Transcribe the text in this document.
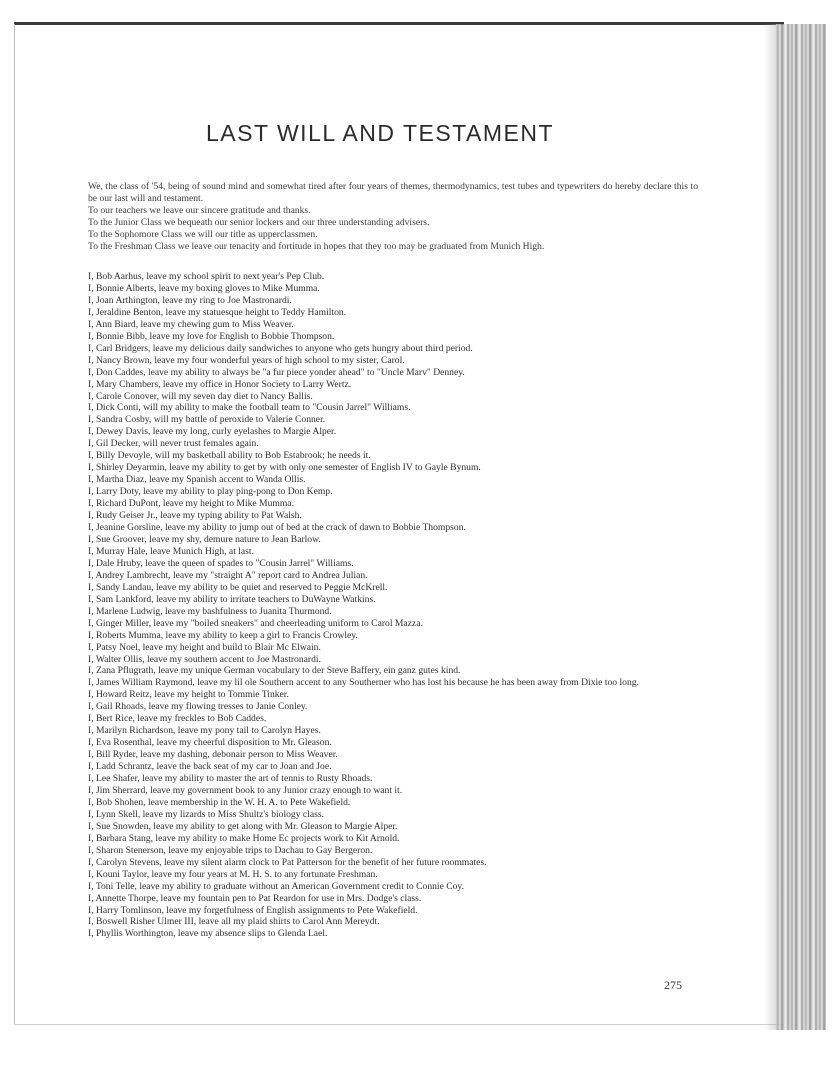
LAST WILL AND TESTAMENT

We, the class of '54, being of sound mind and somewhat tired after four years of themes, thermodynamics, test tubes and typewriters do hereby declare this to be our last will and testament.

To our teachers we leave our sincere gratitude and thanks.

To the Junior Class we bequeath our senior lockers and our three understanding advisers.

To the Sophomore Class we will our title as upperclassmen.

To the Freshman Class we leave our tenacity and fortitude in hopes that they too may be graduated from Munich High.

I, Bob Aarhus, leave my school spirit to next year's Pep Club.
I, Bonnie Alberts, leave my boxing gloves to Mike Mumma.
I, Joan Arthington, leave my ring to Joe Mastronardi.
I, Jeraldine Benton, leave my statuesque height to Teddy Hamilton.
I, Ann Biard, leave my chewing gum to Miss Weaver.
I, Bonnie Bibb, leave my love for English to Bobbie Thompson.
I, Carl Bridgers, leave my delicious daily sandwiches to anyone who gets hungry about third period.
I, Nancy Brown, leave my four wonderful years of high school to my sister, Carol.
I, Don Caddes, leave my ability to always be "a fur piece yonder ahead" to "Uncle Marv" Denney.
I, Mary Chambers, leave my office in Honor Society to Larry Wertz.
I, Carole Conover, will my seven day diet to Nancy Ballis.
I, Dick Conti, will my ability to make the football team to "Cousin Jarrel" Williams.
I, Sandra Cosby, will my battle of peroxide to Valerie Conner.
I, Dewey Davis, leave my long, curly eyelashes to Margie Alper.
I, Gil Decker, will never trust females again.
I, Billy Devoyle, will my basketball ability to Bob Estabrook; he needs it.
I, Shirley Deyarmin, leave my ability to get by with only one semester of English IV to Gayle Bynum.
I, Martha Diaz, leave my Spanish accent to Wanda Ollis.
I, Larry Doty, leave my ability to play ping-pong to Don Kemp.
I, Richard DuPont, leave my height to Mike Mumma.
I, Rudy Geiser Jr., leave my typing ability to Pat Walsh.
I, Jeanine Gorsline, leave my ability to jump out of bed at the crack of dawn to Bobbie Thompson.
I, Sue Groover, leave my shy, demure nature to Jean Barlow.
I, Murray Hale, leave Munich High, at last.
I, Dale Hruby, leave the queen of spades to "Cousin Jarrel" Williams.
I, Andrey Lambrecht, leave my "straight A" report card to Andrea Julian.
I, Sandy Landau, leave my ability to be quiet and reserved to Peggie McKrell.
I, Sam Lankford, leave my ability to irritate teachers to DuWayne Watkins.
I, Marlene Ludwig, leave my bashfulness to Juanita Thurmond.
I, Ginger Miller, leave my "boiled sneakers" and cheerleading uniform to Carol Mazza.
I, Roberts Mumma, leave my ability to keep a girl to Francis Crowley.
I, Patsy Noel, leave my height and build to Blair Mc Elwain.
I, Walter Ollis, leave my southern accent to Joe Mastronardi.
I, Zana Pflugrath, leave my unique German vocabulary to der Steve Baffery, ein ganz gutes kind.
I, James William Raymond, leave my lil ole Southern accent to any Southerner who has lost his because he has been away from Dixie too long.
I, Howard Reitz, leave my height to Tommie Tinker.
I, Gail Rhoads, leave my flowing tresses to Janie Conley.
I, Bert Rice, leave my freckles to Bob Caddes.
I, Marilyn Richardson, leave my pony tail to Carolyn Hayes.
I, Eva Rosenthal, leave my cheerful disposition to Mr. Gleason.
I, Bill Ryder, leave my dashing, debonair person to Miss Weaver.
I, Ladd Schrantz, leave the back seat of my car to Joan and Joe.
I, Lee Shafer, leave my ability to master the art of tennis to Rusty Rhoads.
I, Jim Sherrard, leave my government book to any Junior crazy enough to want it.
I, Bob Shohen, leave membership in the W. H. A. to Pete Wakefield.
I, Lynn Skell, leave my lizards to Miss Shultz's biology class.
I, Sue Snowden, leave my ability to get along with Mr. Gleason to Margie Alper.
I, Barbara Stang, leave my ability to make Home Ec projects work to Kit Arnold.
I, Sharon Stenerson, leave my enjoyable trips to Dachau to Gay Bergeron.
I, Carolyn Stevens, leave my silent alarm clock to Pat Patterson for the benefit of her future roommates.
I, Kouni Taylor, leave my four years at M. H. S. to any fortunate Freshman.
I, Toni Telle, leave my ability to graduate without an American Government credit to Connie Coy.
I, Annette Thorpe, leave my fountain pen to Pat Reardon for use in Mrs. Dodge's class.
I, Harry Tomlinson, leave my forgetfulness of English assignments to Pete Wakefield.
I, Boswell Risher Ulmer III, leave all my plaid shirts to Carol Ann Mereydt.
I, Phyllis Worthington, leave my absence slips to Glenda Lael.
275
